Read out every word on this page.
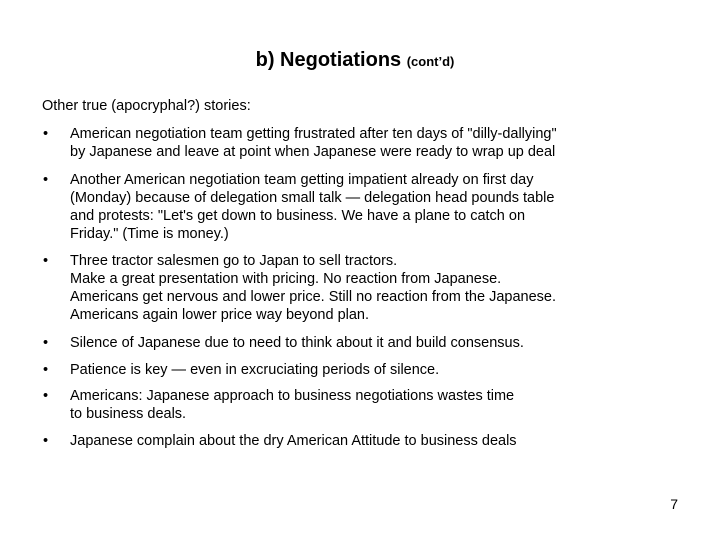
b) Negotiations (cont’d)
Other true (apocryphal?) stories:
• American negotiation team getting frustrated after ten days of "dilly-dallying"
by Japanese and leave at point when Japanese were ready to wrap up deal
• Another American negotiation team getting impatient already on first day
(Monday) because of delegation small talk — delegation head pounds table
and protests: "Let's get down to business. We have a plane to catch on
Friday." (Time is money.)
• Three tractor salesmen go to Japan to sell tractors.
Make a great presentation with pricing. No reaction from Japanese.
Americans get nervous and lower price. Still no reaction from the Japanese.
Americans again lower price way beyond plan.
• Silence of Japanese due to need to think about it and build consensus.
• Patience is key — even in excruciating periods of silence.
• Americans: Japanese approach to business negotiations wastes time
to business deals.
• Japanese complain about the dry American Attitude to business deals
7
